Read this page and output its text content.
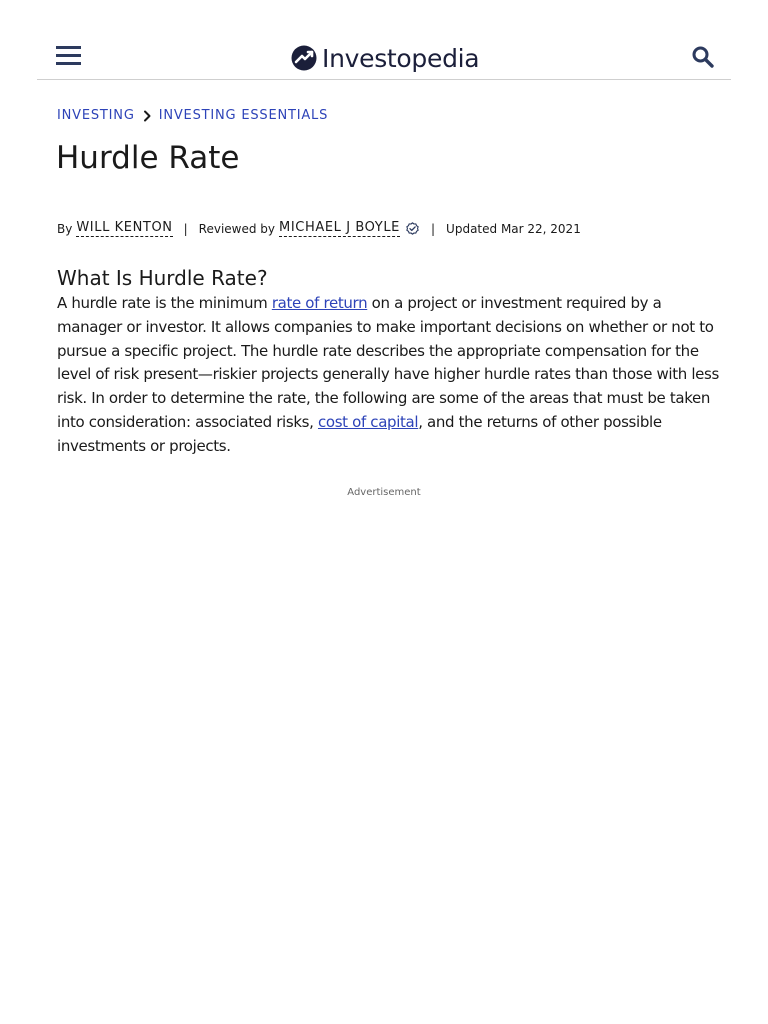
Investopedia
INVESTING INVESTING ESSENTIALS
Hurdle Rate
By WILL KENTON | Reviewed by MICHAEL J BOYLE	| Updated Mar 22, 2021
What Is Hurdle Rate?

A hurdle rate is the minimum rate of return on a project or investment required by a manager or investor. It allows companies to make important decisions on whether or not to pursue a specific project. The hurdle rate describes the appropriate compensation for the level of risk present—riskier projects generally have higher hurdle rates than those with less risk. In order to determine the rate, the following are some of the areas that must be taken into consideration: associated risks, cost of capital, and the returns of other possible investments or projects.

Advertisement
